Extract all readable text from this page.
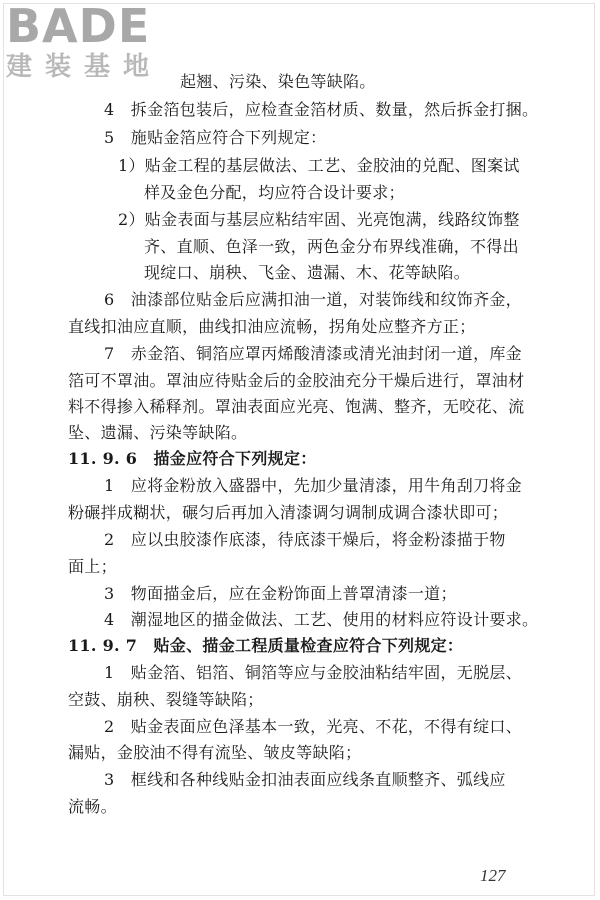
BADE
建装基地	起翘、污染、染色等缺陷。
4　拆金箔包装后，应检查金箔材质、数量，然后拆金打捆。
5　施贴金箔应符合下列规定：
1）贴金工程的基层做法、工艺、金胶油的兑配、图案试
样及金色分配，均应符合设计要求；
2）贴金表面与基层应粘结牢固、光亮饱满，线路纹饰整
齐、直顺、色泽一致，两色金分布界线准确，不得出
现绽口、崩秧、飞金、遗漏、木、花等缺陷。
6　油漆部位贴金后应满扣油一道，对装饰线和纹饰齐金，
直线扣油应直顺，曲线扣油应流畅，拐角处应整齐方正；
7　赤金箔、铜箔应罩丙烯酸清漆或清光油封闭一道，库金
箔可不罩油。罩油应待贴金后的金胶油充分干燥后进行，罩油材
料不得掺入稀释剂。罩油表面应光亮、饱满、整齐，无咬花、流
坠、遗漏、污染等缺陷。
11. 9. 6　描金应符合下列规定：
1　应将金粉放入盛器中，先加少量清漆，用牛角刮刀将金
粉碾拌成糊状，碾匀后再加入清漆调匀调制成调合漆状即可；
2　应以虫胶漆作底漆，待底漆干燥后，将金粉漆描于物
面上；
3　物面描金后，应在金粉饰面上普罩清漆一道；
4　潮湿地区的描金做法、工艺、使用的材料应符设计要求。
11. 9. 7　贴金、描金工程质量检查应符合下列规定：
1　贴金箔、铝箔、铜箔等应与金胶油粘结牢固，无脱层、
空鼓、崩秧、裂缝等缺陷；
2　贴金表面应色泽基本一致，光亮、不花，不得有绽口、
漏贴，金胶油不得有流坠、皱皮等缺陷；
3　框线和各种线贴金扣油表面应线条直顺整齐、弧线应
流畅。
127
